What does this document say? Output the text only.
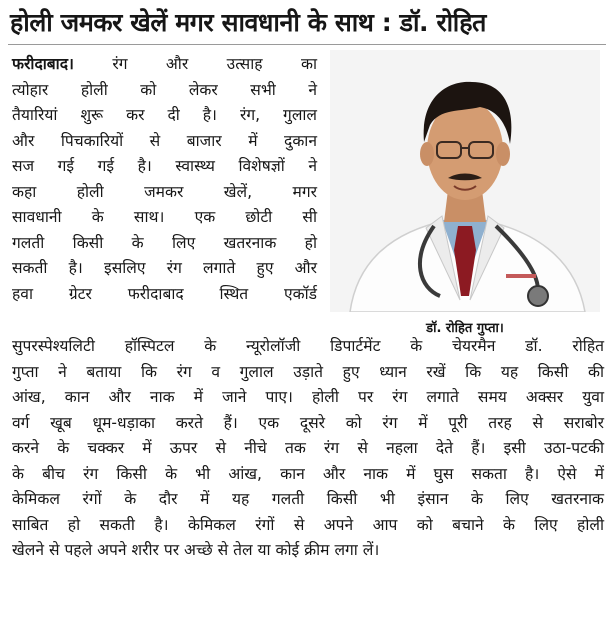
होली जमकर खेलें मगर सावधानी के साथ : डॉ. रोहित
फरीदाबाद। रंग और उत्साह का
त्योहार होली को लेकर सभी ने
तैयारियां शुरू कर दी है। रंग, गुलाल
और पिचकारियों से बाजार में दुकान
सज गई गई है। स्वास्थ्य विशेषज्ञों ने
कहा होली जमकर खेलें, मगर
सावधानी के साथ। एक छोटी सी
गलती किसी के लिए खतरनाक हो
सकती है। इसलिए रंग लगाते हुए और
हवा ग्रेटर फरीदाबाद स्थित एकॉर्ड
डॉ. रोहित गुप्ता।
सुपरस्पेश्यलिटी हॉस्पिटल के न्यूरोलॉजी डिपार्टमेंट के चेयरमैन डॉ. रोहित
गुप्ता ने बताया कि रंग व गुलाल उड़ाते हुए ध्यान रखें कि यह किसी की
आंख, कान और नाक में जाने पाए। होली पर रंग लगाते समय अक्सर युवा
वर्ग खूब धूम-धड़ाका करते हैं। एक दूसरे को रंग में पूरी तरह से सराबोर
करने के चक्कर में ऊपर से नीचे तक रंग से नहला देते हैं। इसी उठा-पटकी
के बीच रंग किसी के भी आंख, कान और नाक में घुस सकता है। ऐसे में
केमिकल रंगों के दौर में यह गलती किसी भी इंसान के लिए खतरनाक
साबित हो सकती है। केमिकल रंगों से अपने आप को बचाने के लिए होली
खेलने से पहले अपने शरीर पर अच्छे से तेल या कोई क्रीम लगा लें।
